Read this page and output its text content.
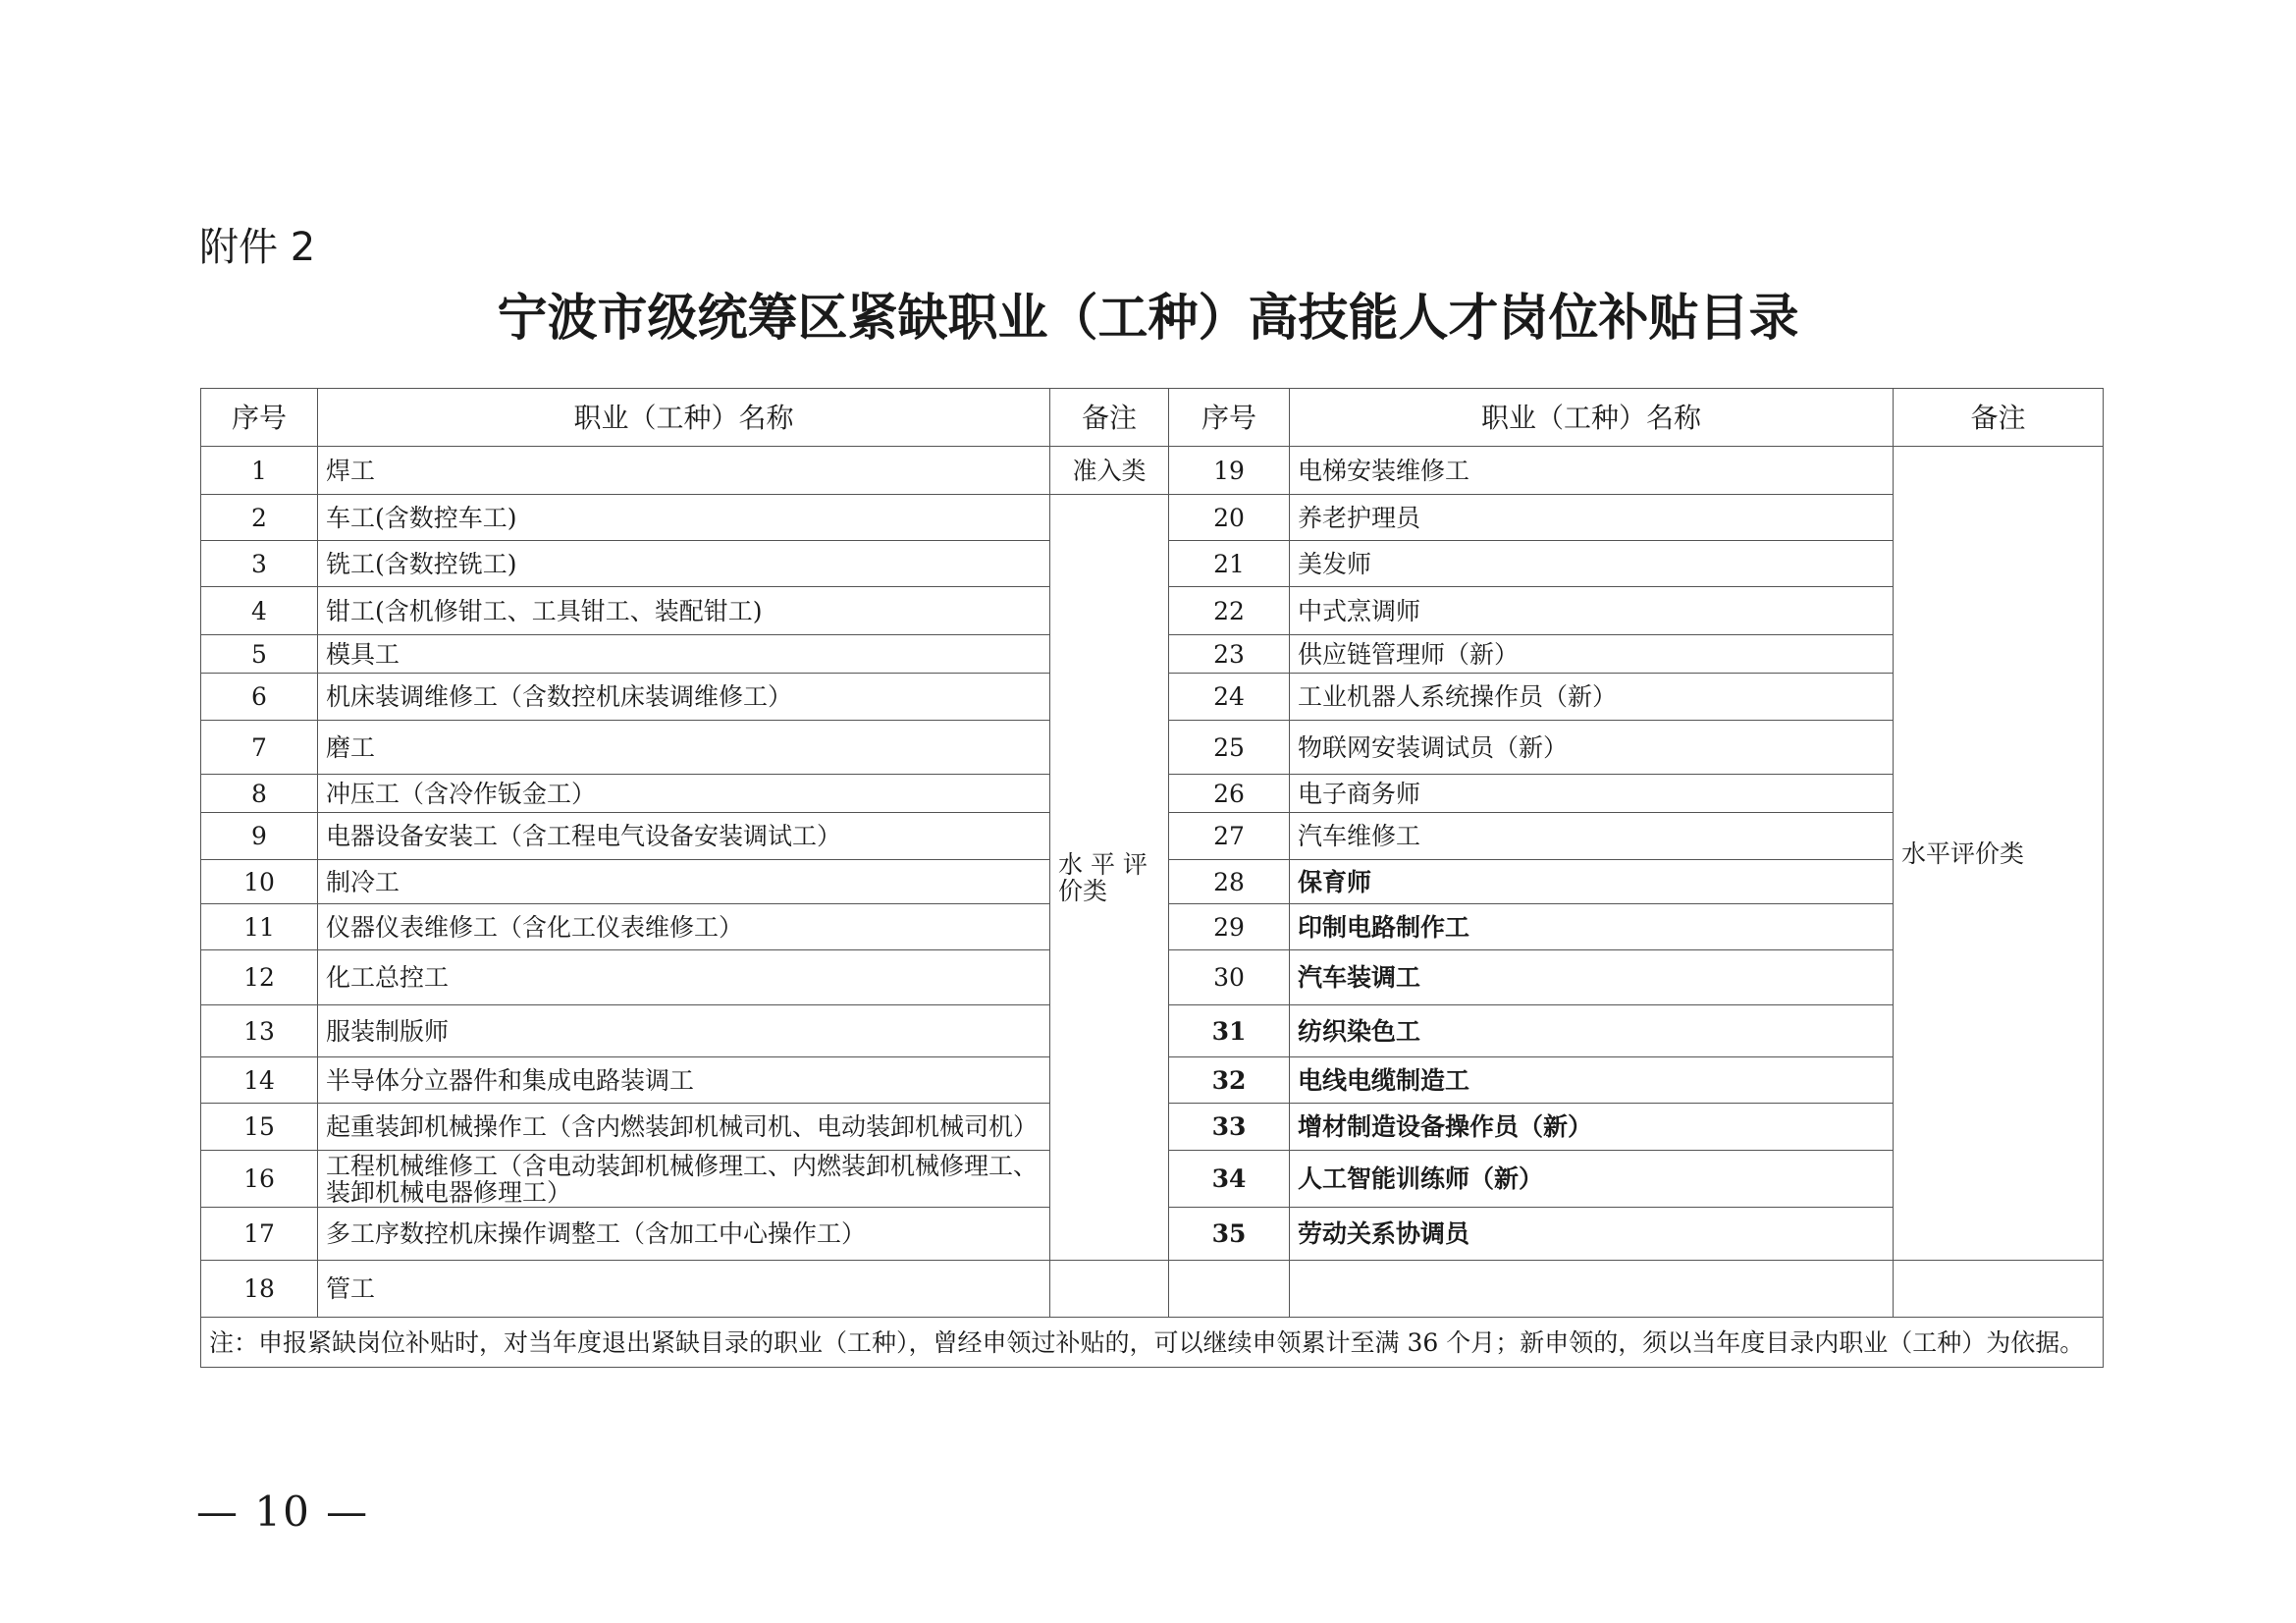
附件 2
宁波市级统筹区紧缺职业（工种）高技能人才岗位补贴目录
序号	职业（工种）名称	备注	序号	职业（工种）名称	备注
1	焊工	准入类	19	电梯安装维修工	水平评价类
2	车工(含数控车工)	水 平 评 价类	20	养老护理员	
3	铣工(含数控铣工)		21	美发师	
4	钳工(含机修钳工、工具钳工、装配钳工)		22	中式烹调师	
5	模具工		23	供应链管理师（新）	
6	机床装调维修工（含数控机床装调维修工）		24	工业机器人系统操作员（新）	
7	磨工		25	物联网安装调试员（新）	
8	冲压工（含冷作钣金工）		26	电子商务师	
9	电器设备安装工（含工程电气设备安装调试工）		27	汽车维修工	
10	制冷工		28	保育师	
11	仪器仪表维修工（含化工仪表维修工）		29	印制电路制作工	
12	化工总控工		30	汽车装调工	
13	服装制版师		31	纺织染色工	
14	半导体分立器件和集成电路装调工		32	电线电缆制造工	
15	起重装卸机械操作工（含内燃装卸机械司机、电动装卸机械司机）		33	增材制造设备操作员（新）	
16	工程机械维修工（含电动装卸机械修理工、内燃装卸机械修理工、装卸机械电器修理工）		34	人工智能训练师（新）	
17	多工序数控机床操作调整工（含加工中心操作工）		35	劳动关系协调员	
18	管工				
注：申报紧缺岗位补贴时，对当年度退出紧缺目录的职业（工种），曾经申领过补贴的，可以继续申领累计至满 36 个月；新申领的，须以当年度目录内职业（工种）为依据。					

— 10 —
